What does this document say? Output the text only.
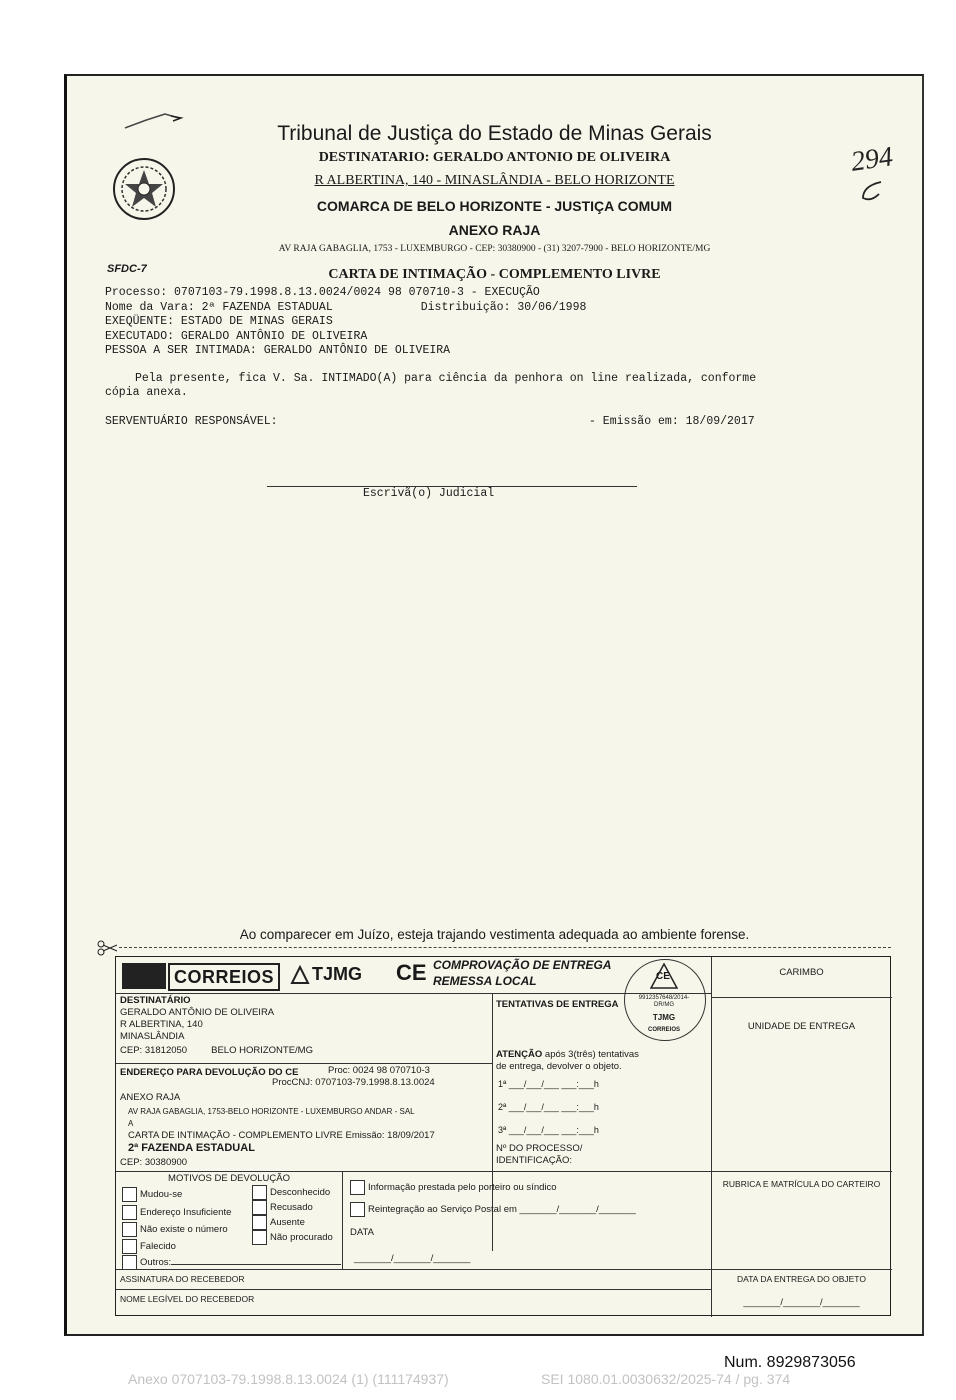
294
Tribunal de Justiça do Estado de Minas Gerais
DESTINATARIO: GERALDO ANTONIO DE OLIVEIRA
R ALBERTINA, 140 - MINASLÂNDIA - BELO HORIZONTE
COMARCA DE BELO HORIZONTE - JUSTIÇA COMUM
ANEXO RAJA
AV RAJA GABAGLIA, 1753 - LUXEMBURGO - CEP: 30380900 - (31) 3207-7900 - BELO HORIZONTE/MG
SFDC-7	CARTA DE INTIMAÇÃO - COMPLEMENTO LIVRE
Processo: 0707103-79.1998.8.13.0024/0024 98 070710-3 - EXECUÇÃO
Nome da Vara: 2ª FAZENDA ESTADUAL	Distribuição: 30/06/1998
EXEQÜENTE: ESTADO DE MINAS GERAIS
EXECUTADO: GERALDO ANTÔNIO DE OLIVEIRA
PESSOA A SER INTIMADA: GERALDO ANTÔNIO DE OLIVEIRA
Pela presente, fica V. Sa. INTIMADO(A) para ciência da penhora on line realizada, conforme
cópia anexa.
SERVENTUÁRIO RESPONSÁVEL:	- Emissão em: 18/09/2017
Escrivã(o) Judicial
Ao comparecer em Juízo, esteja trajando vestimenta adequada ao ambiente forense.
CORREIOS	TJMG CE COMPROVAÇÃO DE ENTREGA
REMESSA LOCAL	CE
9912357648/2014-
DR/MG
TJMG
CORREIOS
CARIMBO
UNIDADE DE ENTREGA
DESTINATÁRIO
GERALDO ANTÔNIO DE OLIVEIRA
R ALBERTINA, 140
MINASLÂNDIA
CEP: 31812050	BELO HORIZONTE/MG
TENTATIVAS DE ENTREGA
ATENÇÃO após 3(três) tentativas
de entrega, devolver o objeto.
1ª ___/___/___ ___:___h
2ª ___/___/___ ___:___h
3ª ___/___/___ ___:___h
Nº DO PROCESSO/
IDENTIFICAÇÃO:
ENDEREÇO PARA DEVOLUÇÃO DO CE	Proc: 0024 98 070710-3
ProcCNJ: 0707103-79.1998.8.13.0024
ANEXO RAJA
AV RAJA GABAGLIA, 1753-BELO HORIZONTE - LUXEMBURGO ANDAR - SAL
A
CARTA DE INTIMAÇÃO - COMPLEMENTO LIVRE Emissão: 18/09/2017
2ª FAZENDA ESTADUAL
CEP: 30380900
MOTIVOS DE DEVOLUÇÃO
Mudou-se
Endereço Insuficiente
Não existe o número
Falecido
Outros:
Desconhecido
Recusado
Ausente
Não procurado
Informação prestada pelo porteiro ou síndico
Reintegração ao Serviço Postal em _______/_______/_______
DATA
_______/_______/_______
RUBRICA E MATRÍCULA DO CARTEIRO
ASSINATURA DO RECEBEDOR
NOME LEGÍVEL DO RECEBEDOR
DATA DA ENTREGA DO OBJETO
_______/_______/_______
Num. 8929873056
Anexo 0707103-79.1998.8.13.0024 (1) (111174937)	SEI 1080.01.0030632/2025-74 / pg. 374
